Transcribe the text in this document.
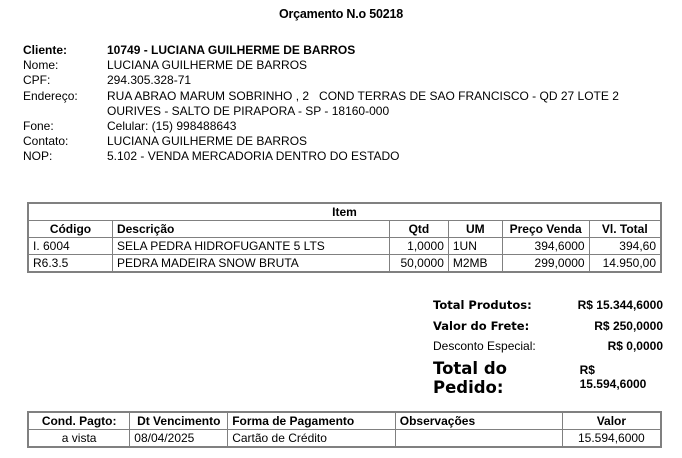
Orçamento N.o 50218
Cliente:	10749 - LUCIANA GUILHERME DE BARROS
Nome:	LUCIANA GUILHERME DE BARROS
CPF:	294.305.328-71
Endereço:	RUA ABRAO MARUM SOBRINHO , 2   COND TERRAS DE SAO FRANCISCO - QD 27 LOTE 2
OURIVES - SALTO DE PIRAPORA - SP - 18160-000
Fone:	Celular: (15) 998488643
Contato:	LUCIANA GUILHERME DE BARROS
NOP:	5.102 - VENDA MERCADORIA DENTRO DO ESTADO
Item					
Código	Descrição	Qtd	UM	Preço Venda	Vl. Total
I. 6004	SELA PEDRA HIDROFUGANTE 5 LTS	1,0000	1UN	394,6000	394,60
R6.3.5	PEDRA MADEIRA SNOW BRUTA	50,0000	M2MB	299,0000	14.950,00
Total Produtos:	R$ 15.344,6000
Valor do Frete:	R$ 250,0000
Desconto Especial:	R$ 0,0000
Total do Pedido:
R$ 15.594,6000
Cond. Pagto:	Dt Vencimento	Forma de Pagamento	Observações	Valor
a vista	08/04/2025	Cartão de Crédito		15.594,6000
